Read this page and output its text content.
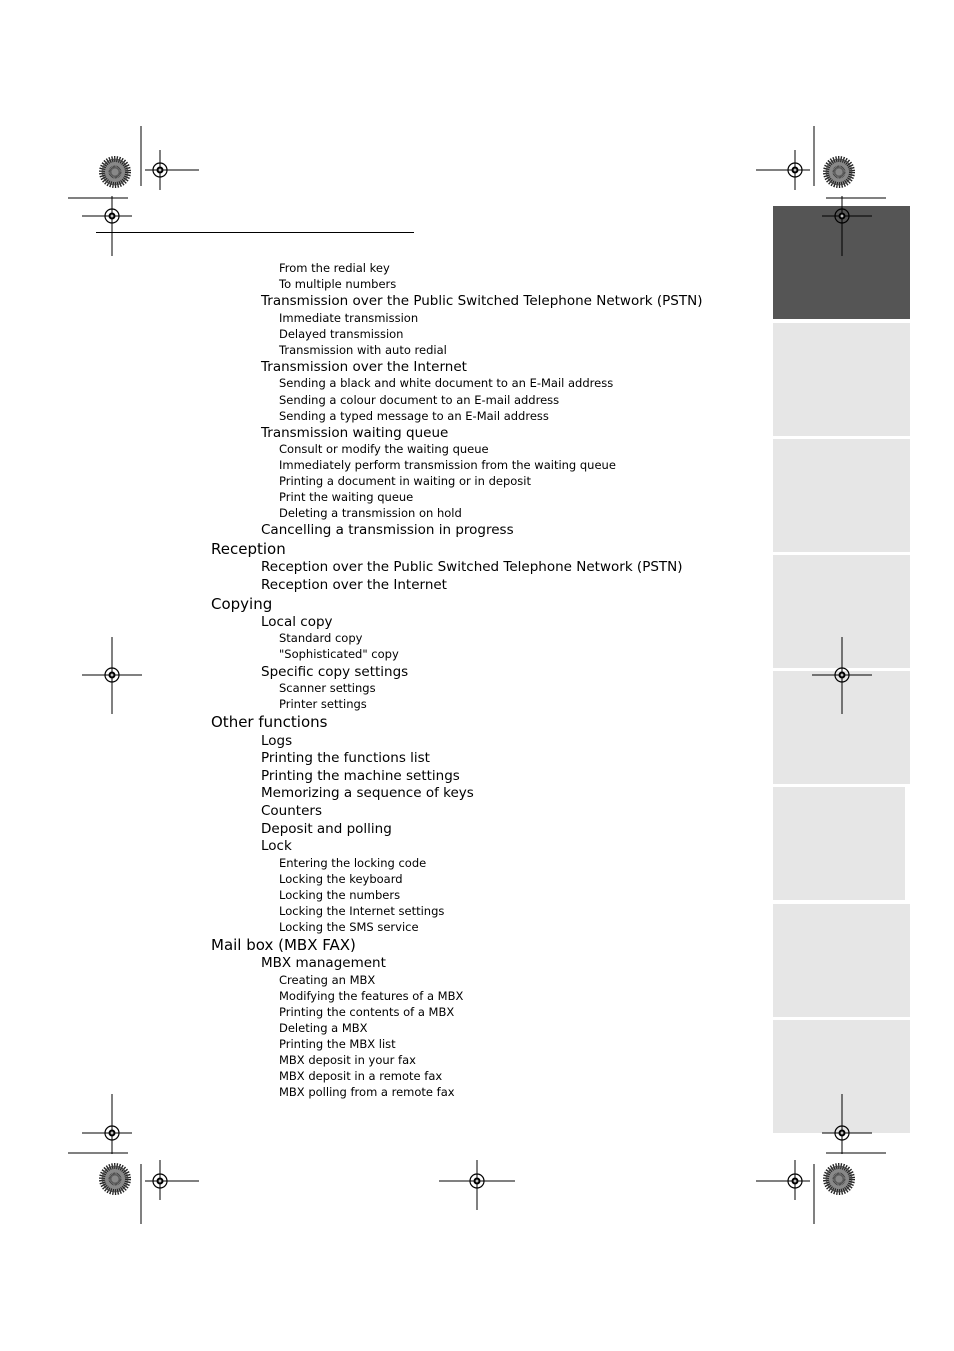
From the redial key
To multiple numbers
Transmission over the Public Switched Telephone Network (PSTN)
Immediate transmission
Delayed transmission
Transmission with auto redial
Transmission over the Internet
Sending a black and white document to an E-Mail address
Sending a colour document to an E-mail address
Sending a typed message to an E-Mail address
Transmission waiting queue
Consult or modify the waiting queue
Immediately perform transmission from the waiting queue
Printing a document in waiting or in deposit
Print the waiting queue
Deleting a transmission on hold
Cancelling a transmission in progress
Reception
Reception over the Public Switched Telephone Network (PSTN)
Reception over the Internet
Copying
Local copy
Standard copy
"Sophisticated" copy
Specific copy settings
Scanner settings
Printer settings
Other functions
Logs
Printing the functions list
Printing the machine settings
Memorizing a sequence of keys
Counters
Deposit and polling
Lock
Entering the locking code
Locking the keyboard
Locking the numbers
Locking the Internet settings
Locking the SMS service
Mail box (MBX FAX)
MBX management
Creating an MBX
Modifying the features of a MBX
Printing the contents of a MBX
Deleting a MBX
Printing the MBX list
MBX deposit in your fax
MBX deposit in a remote fax
MBX polling from a remote fax
